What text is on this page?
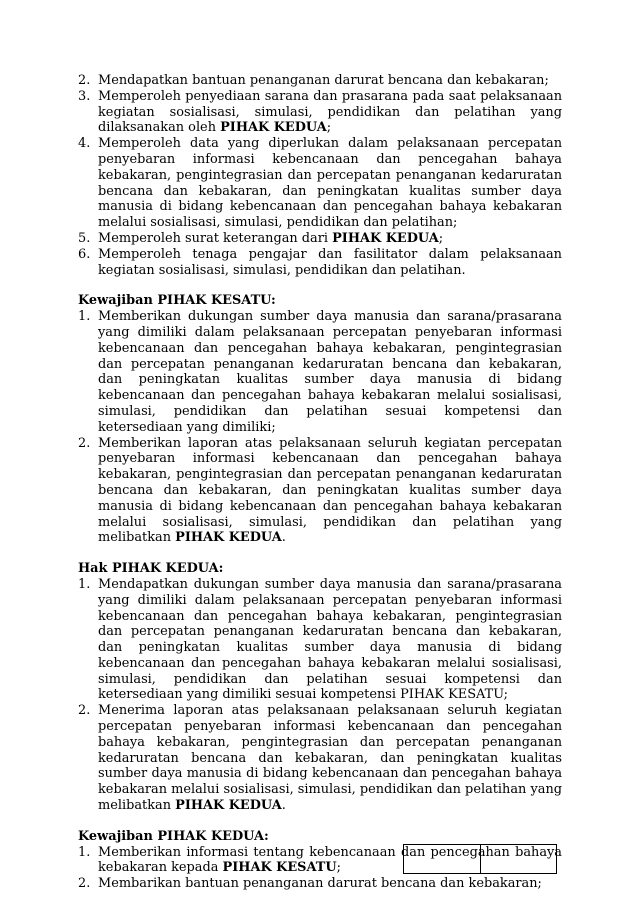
2. Mendapatkan bantuan penanganan darurat bencana dan kebakaran;
3. Memperoleh penyediaan sarana dan prasarana pada saat pelaksanaan kegiatan sosialisasi, simulasi, pendidikan dan pelatihan yang dilaksanakan oleh PIHAK KEDUA;
4. Memperoleh data yang diperlukan dalam pelaksanaan percepatan penyebaran informasi kebencanaan dan pencegahan bahaya kebakaran, pengintegrasian dan percepatan penanganan kedaruratan bencana dan kebakaran, dan peningkatan kualitas sumber daya manusia di bidang kebencanaan dan pencegahan bahaya kebakaran melalui sosialisasi, simulasi, pendidikan dan pelatihan;
5. Memperoleh surat keterangan dari PIHAK KEDUA;
6. Memperoleh tenaga pengajar dan fasilitator dalam pelaksanaan kegiatan sosialisasi, simulasi, pendidikan dan pelatihan.
Kewajiban PIHAK KESATU:
1. Memberikan dukungan sumber daya manusia dan sarana/prasarana yang dimiliki dalam pelaksanaan percepatan penyebaran informasi kebencanaan dan pencegahan bahaya kebakaran, pengintegrasian dan percepatan penanganan kedaruratan bencana dan kebakaran, dan peningkatan kualitas sumber daya manusia di bidang kebencanaan dan pencegahan bahaya kebakaran melalui sosialisasi, simulasi, pendidikan dan pelatihan sesuai kompetensi dan ketersediaan yang dimiliki;
2. Memberikan laporan atas pelaksanaan seluruh kegiatan percepatan penyebaran informasi kebencanaan dan pencegahan bahaya kebakaran, pengintegrasian dan percepatan penanganan kedaruratan bencana dan kebakaran, dan peningkatan kualitas sumber daya manusia di bidang kebencanaan dan pencegahan bahaya kebakaran melalui sosialisasi, simulasi, pendidikan dan pelatihan yang melibatkan PIHAK KEDUA.
Hak PIHAK KEDUA:
1. Mendapatkan dukungan sumber daya manusia dan sarana/prasarana yang dimiliki dalam pelaksanaan percepatan penyebaran informasi kebencanaan dan pencegahan bahaya kebakaran, pengintegrasian dan percepatan penanganan kedaruratan bencana dan kebakaran, dan peningkatan kualitas sumber daya manusia di bidang kebencanaan dan pencegahan bahaya kebakaran melalui sosialisasi, simulasi, pendidikan dan pelatihan sesuai kompetensi dan ketersediaan yang dimiliki sesuai kompetensi PIHAK KESATU;
2. Menerima laporan atas pelaksanaan pelaksanaan seluruh kegiatan percepatan penyebaran informasi kebencanaan dan pencegahan bahaya kebakaran, pengintegrasian dan percepatan penanganan kedaruratan bencana dan kebakaran, dan peningkatan kualitas sumber daya manusia di bidang kebencanaan dan pencegahan bahaya kebakaran melalui sosialisasi, simulasi, pendidikan dan pelatihan yang melibatkan PIHAK KEDUA.
Kewajiban PIHAK KEDUA:
1. Memberikan informasi tentang kebencanaan dan pencegahan bahaya kebakaran kepada PIHAK KESATU;
2. Membarikan bantuan penanganan darurat bencana dan kebakaran;
